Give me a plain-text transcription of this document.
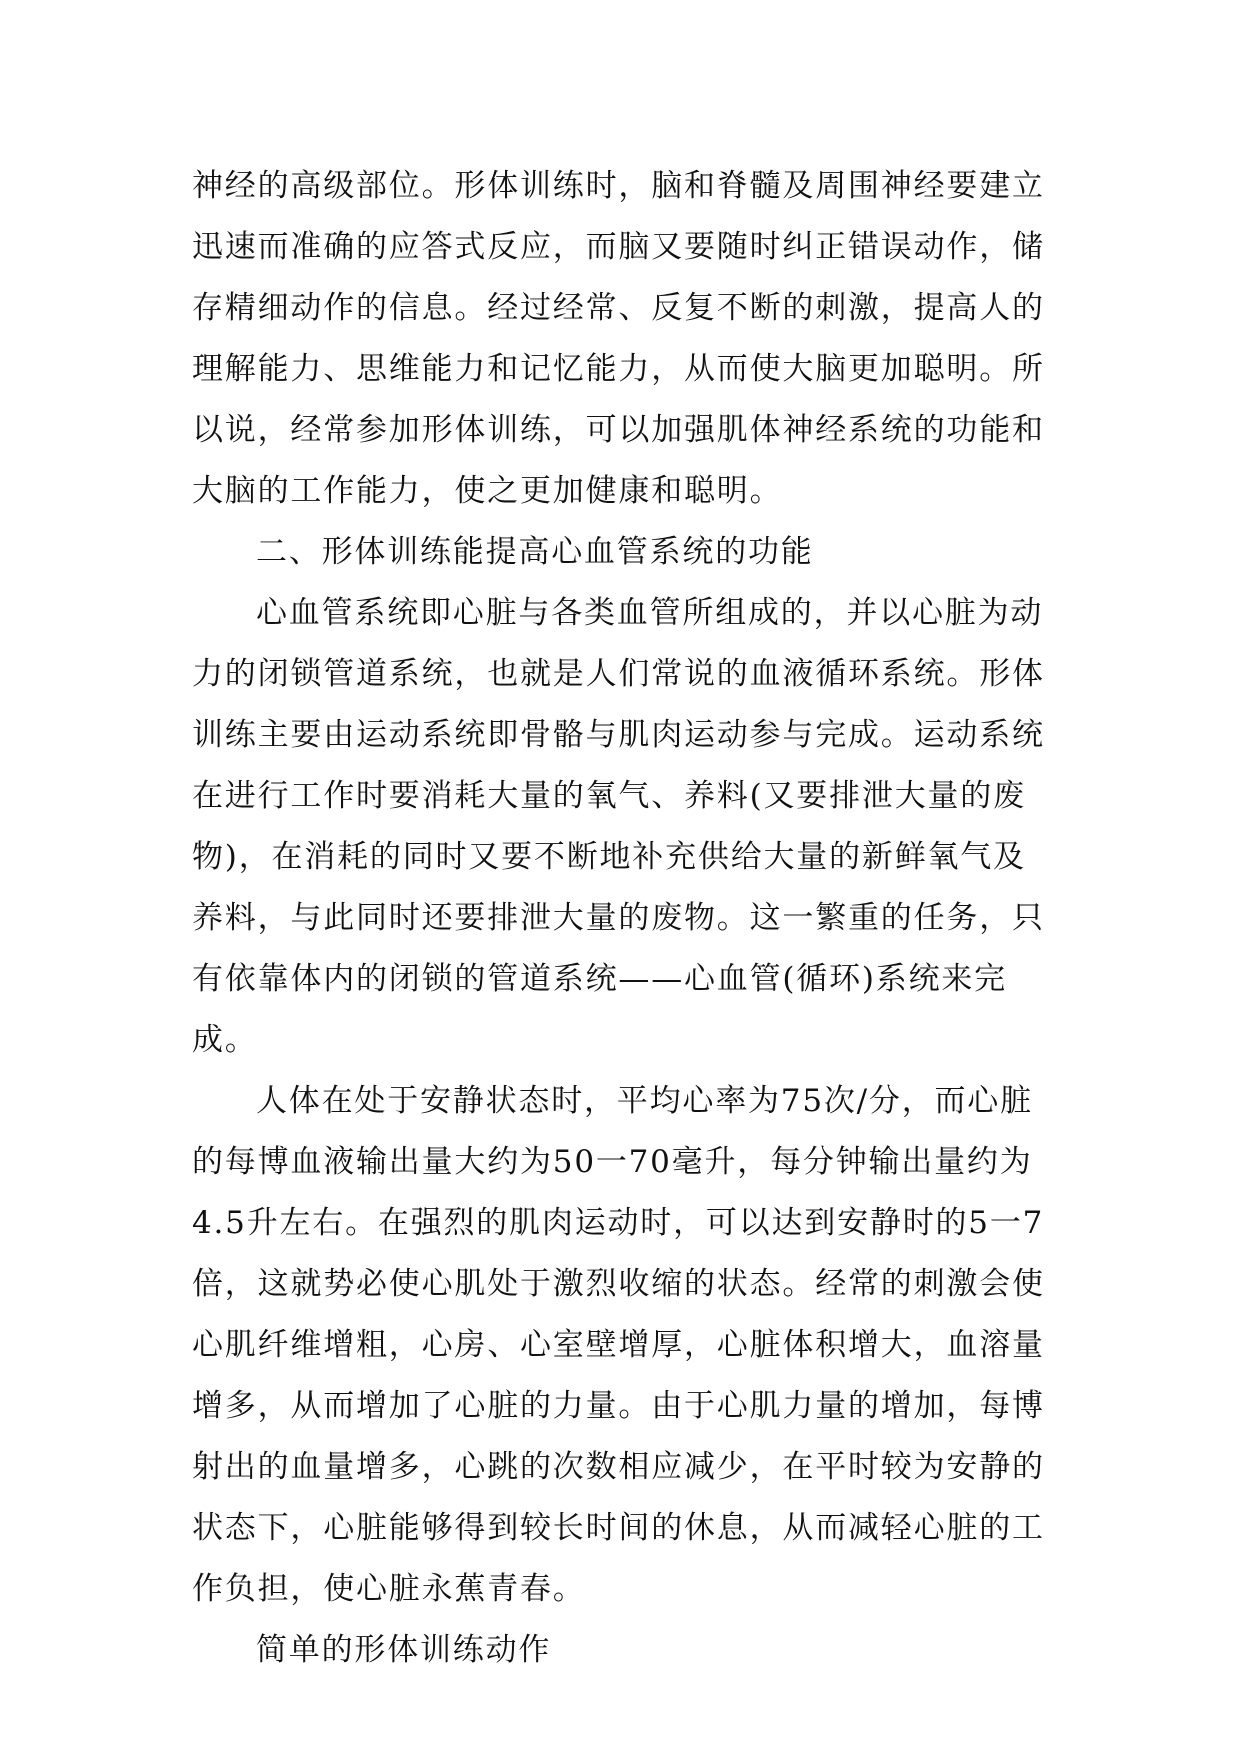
神经的高级部位。形体训练时，脑和脊髓及周围神经要建立迅速而准确的应答式反应，而脑又要随时纠正错误动作，储存精细动作的信息。经过经常、反复不断的刺激，提高人的理解能力、思维能力和记忆能力，从而使大脑更加聪明。所以说，经常参加形体训练，可以加强肌体神经系统的功能和大脑的工作能力，使之更加健康和聪明。

二、形体训练能提高心血管系统的功能

心血管系统即心脏与各类血管所组成的，并以心脏为动力的闭锁管道系统，也就是人们常说的血液循环系统。形体训练主要由运动系统即骨骼与肌肉运动参与完成。运动系统在进行工作时要消耗大量的氧气、养料(又要排泄大量的废物)，在消耗的同时又要不断地补充供给大量的新鲜氧气及养料，与此同时还要排泄大量的废物。这一繁重的任务，只有依靠体内的闭锁的管道系统——心血管(循环)系统来完成。

人体在处于安静状态时，平均心率为75次/分，而心脏的每博血液输出量大约为50一70毫升，每分钟输出量约为4.5升左右。在强烈的肌肉运动时，可以达到安静时的5一7倍，这就势必使心肌处于激烈收缩的状态。经常的刺激会使心肌纤维增粗，心房、心室壁增厚，心脏体积增大，血溶量增多，从而增加了心脏的力量。由于心肌力量的增加，每博射出的血量增多，心跳的次数相应减少，在平时较为安静的状态下，心脏能够得到较长时间的休息，从而减轻心脏的工作负担，使心脏永蕉青春。

简单的形体训练动作
